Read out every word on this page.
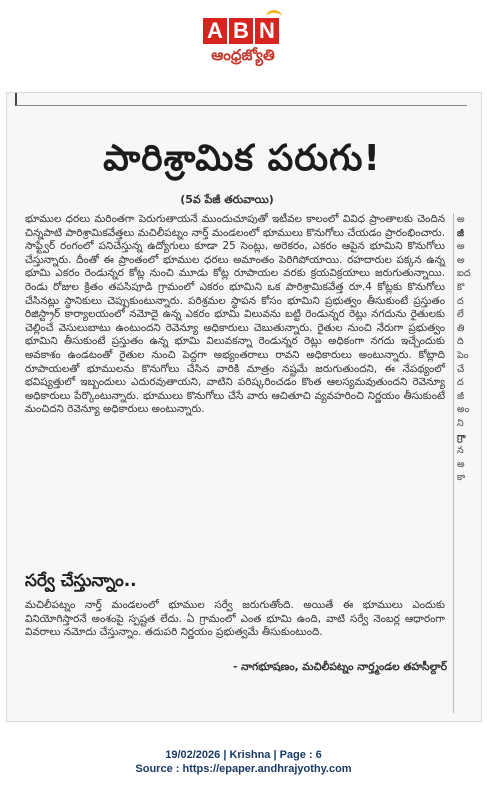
A B N
ఆంధ్రజ్యోతి
పారిశ్రామిక పరుగు!
(5వ పేజీ తరువాయి)
భూముల ధరలు మరింతగా పెరుగుతాయనే ముందుచూపుతో ఇటీవల కాలంలో వివిధ ప్రాంతాలకు చెందిన చిన్నపాటి పారిశ్రామికవేత్తలు మచిలీపట్నం నార్త్ మండలంలో భూములు కొనుగోలు చేయడం ప్రారంభించారు. సాఫ్ట్వేర్ రంగంలో పనిచేస్తున్న ఉద్యోగులు కూడా 25 సెంట్లు, అరెకరం, ఎకరం ఆపైన భూమిని కొనుగోలు చేస్తున్నారు. దీంతో ఈ ప్రాంతంలో భూముల ధరలు అమాంతం పెరిగిపోయాయి. రహదారుల పక్కన ఉన్న భూమి ఎకరం రెండున్నర కోట్ల నుంచి మూడు కోట్ల రూపాయల వరకు క్రయవిక్రయాలు జరుగుతున్నాయి. రెండు రోజుల క్రితం తపసిపూడి గ్రామంలో ఎకరం భూమిని ఒక పారిశ్రామికవేత్త రూ.4 కోట్లకు కొనుగోలు చేసినట్లు స్థానికులు చెప్పుకుంటున్నారు. పరిశ్రమల స్థాపన కోసం భూమిని ప్రభుత్వం తీసుకుంటే ప్రస్తుతం రిజిస్ట్రార్ కార్యాలయంలో నమోదై ఉన్న ఎకరం భూమి విలువను బట్టి రెండున్నర రెట్లు నగదును రైతులకు చెల్లించే వెసులుబాటు ఉంటుందని రెవెన్యూ అధికారులు చెబుతున్నారు. రైతుల నుంచి నేరుగా ప్రభుత్వం భూమిని తీసుకుంటే ప్రస్తుతం ఉన్న భూమి విలువకన్నా రెండున్నర రెట్లు అధికంగా నగదు ఇచ్చేందుకు అవకాశం ఉండటంతో రైతుల నుంచి పెద్దగా అభ్యంతరాలు రావని అధికారులు అంటున్నారు. కోట్లాది రూపాయలతో భూములను కొనుగోలు చేసిన వారికి మాత్రం నష్టమే జరుగుతుందని, ఈ నేపథ్యంలో భవిష్యత్తులో ఇబ్బందులు ఎదురవుతాయని, వాటిని పరిష్కరించడం కొంత ఆలస్యమవుతుందని రెవెన్యూ అధికారులు పేర్కొంటున్నారు. భూములు కొనుగోలు చేసే వారు ఆచితూచి వ్యవహరించి నిర్ణయం తీసుకుంటే మంచిదని రెవెన్యూ అధికారులు అంటున్నారు.
సర్వే చేస్తున్నాం..
మచిలీపట్నం నార్త్ మండలంలో భూముల సర్వే జరుగుతోంది. అయితే ఈ భూములు ఎందుకు వినియోగిస్తారనే అంశంపై స్పష్టత లేదు. ఏ గ్రామంలో ఎంత భూమి ఉంది, వాటి సర్వే నెంబర్ల ఆధారంగా వివరాలు నమోదు చేస్తున్నాం. తదుపరి నిర్ణయం ప్రభుత్వమే తీసుకుంటుంది.
- నాగభూషణం, మచిలీపట్నం నార్త్మండల తహసీల్దార్
అ
జీ
అ
అ
ఐద
కొ
ద
లే
తి
ది
పెం
చే
ద
జీ
అం
ని
గ్రా
న
అ
కా
19/02/2026 | Krishna | Page : 6
Source : https://epaper.andhrajyothy.com
